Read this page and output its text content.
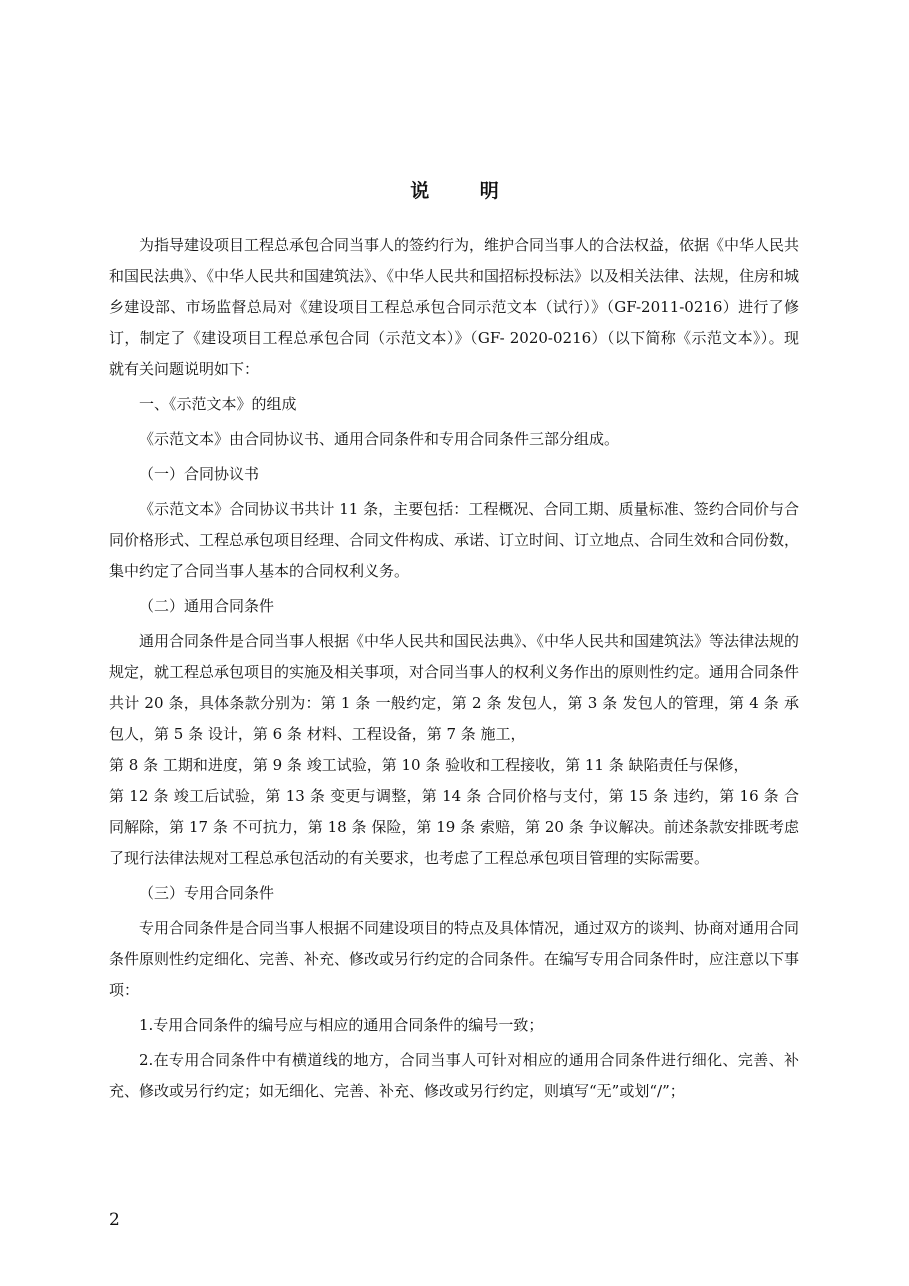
说 明

为指导建设项目工程总承包合同当事人的签约行为，维护合同当事人的合法权益，依据《中华人民共和国民法典》、《中华人民共和国建筑法》、《中华人民共和国招标投标法》以及相关法律、法规，住房和城乡建设部、市场监督总局对《建设项目工程总承包合同示范文本（试行）》（GF-2011-0216）进行了修订，制定了《建设项目工程总承包合同（示范文本）》（GF- 2020-0216）（以下简称《示范文本》）。现就有关问题说明如下：

一、《示范文本》的组成

《示范文本》由合同协议书、通用合同条件和专用合同条件三部分组成。

（一）合同协议书

《示范文本》合同协议书共计 11 条，主要包括：工程概况、合同工期、质量标准、签约合同价与合同价格形式、工程总承包项目经理、合同文件构成、承诺、订立时间、订立地点、合同生效和合同份数，集中约定了合同当事人基本的合同权利义务。

（二）通用合同条件

通用合同条件是合同当事人根据《中华人民共和国民法典》、《中华人民共和国建筑法》等法律法规的规定，就工程总承包项目的实施及相关事项，对合同当事人的权利义务作出的原则性约定。通用合同条件共计 20 条，具体条款分别为：第 1 条 一般约定，第 2 条 发包人，第 3 条 发包人的管理，第 4 条 承包人，第 5 条 设计，第 6 条 材料、工程设备，第 7 条 施工，

第 8 条 工期和进度，第 9 条 竣工试验，第 10 条 验收和工程接收，第 11 条 缺陷责任与保修，

第 12 条 竣工后试验，第 13 条 变更与调整，第 14 条 合同价格与支付，第 15 条 违约，第 16 条 合同解除，第 17 条 不可抗力，第 18 条 保险，第 19 条 索赔，第 20 条 争议解决。前述条款安排既考虑了现行法律法规对工程总承包活动的有关要求，也考虑了工程总承包项目管理的实际需要。

（三）专用合同条件

专用合同条件是合同当事人根据不同建设项目的特点及具体情况，通过双方的谈判、协商对通用合同条件原则性约定细化、完善、补充、修改或另行约定的合同条件。在编写专用合同条件时，应注意以下事项：

1.专用合同条件的编号应与相应的通用合同条件的编号一致；

2.在专用合同条件中有横道线的地方，合同当事人可针对相应的通用合同条件进行细化、完善、补充、修改或另行约定；如无细化、完善、补充、修改或另行约定，则填写“无”或划“/”；

2
